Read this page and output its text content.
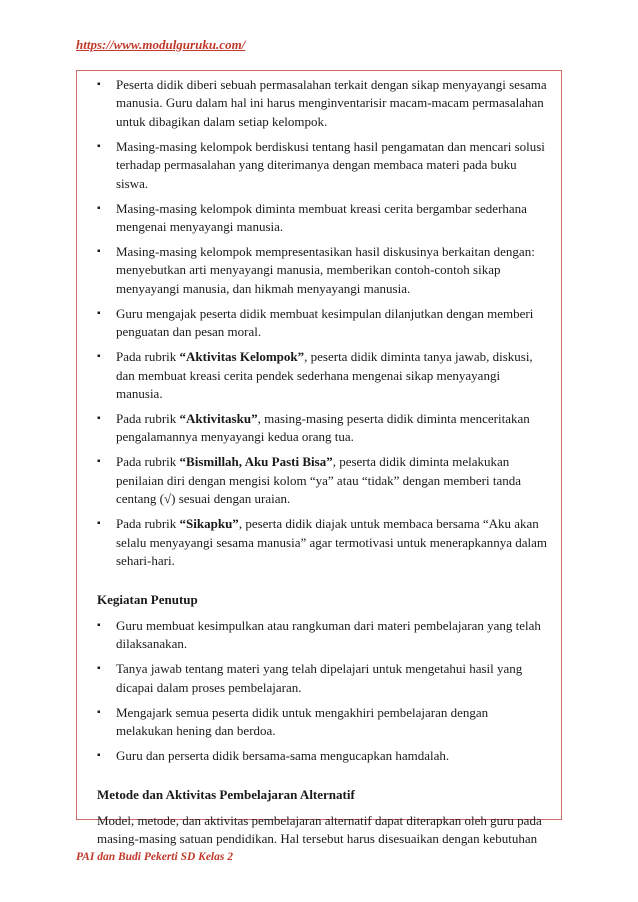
https://www.modulguruku.com/
▪ Peserta didik diberi sebuah permasalahan terkait dengan sikap menyayangi sesama manusia. Guru dalam hal ini harus menginventarisir macam-macam permasalahan untuk dibagikan dalam setiap kelompok.
▪ Masing-masing kelompok berdiskusi tentang hasil pengamatan dan mencari solusi terhadap permasalahan yang diterimanya dengan membaca materi pada buku siswa.
▪ Masing-masing kelompok diminta membuat kreasi cerita bergambar sederhana mengenai menyayangi manusia.
▪ Masing-masing kelompok mempresentasikan hasil diskusinya berkaitan dengan: menyebutkan arti menyayangi manusia, memberikan contoh-contoh sikap menyayangi manusia, dan hikmah menyayangi manusia.
▪ Guru mengajak peserta didik membuat kesimpulan dilanjutkan dengan memberi penguatan dan pesan moral.
▪ Pada rubrik “Aktivitas Kelompok”, peserta didik diminta tanya jawab, diskusi, dan membuat kreasi cerita pendek sederhana mengenai sikap menyayangi manusia.
▪ Pada rubrik “Aktivitasku”, masing-masing peserta didik diminta menceritakan pengalamannya menyayangi kedua orang tua.
▪ Pada rubrik “Bismillah, Aku Pasti Bisa”, peserta didik diminta melakukan penilaian diri dengan mengisi kolom “ya” atau “tidak” dengan memberi tanda centang (√) sesuai dengan uraian.
▪ Pada rubrik “Sikapku”, peserta didik diajak untuk membaca bersama “Aku akan selalu menyayangi sesama manusia” agar termotivasi untuk menerapkannya dalam sehari-hari.
Kegiatan Penutup
▪ Guru membuat kesimpulkan atau rangkuman dari materi pembelajaran yang telah dilaksanakan.
▪ Tanya jawab tentang materi yang telah dipelajari untuk mengetahui hasil yang dicapai dalam proses pembelajaran.
▪ Mengajark semua peserta didik untuk mengakhiri pembelajaran dengan melakukan hening dan berdoa.
▪ Guru dan perserta didik bersama-sama mengucapkan hamdalah.
Metode dan Aktivitas Pembelajaran Alternatif

Model, metode, dan aktivitas pembelajaran alternatif dapat diterapkan oleh guru pada masing-masing satuan pendidikan. Hal tersebut harus disesuaikan dengan kebutuhan

PAI dan Budi Pekerti SD Kelas 2
